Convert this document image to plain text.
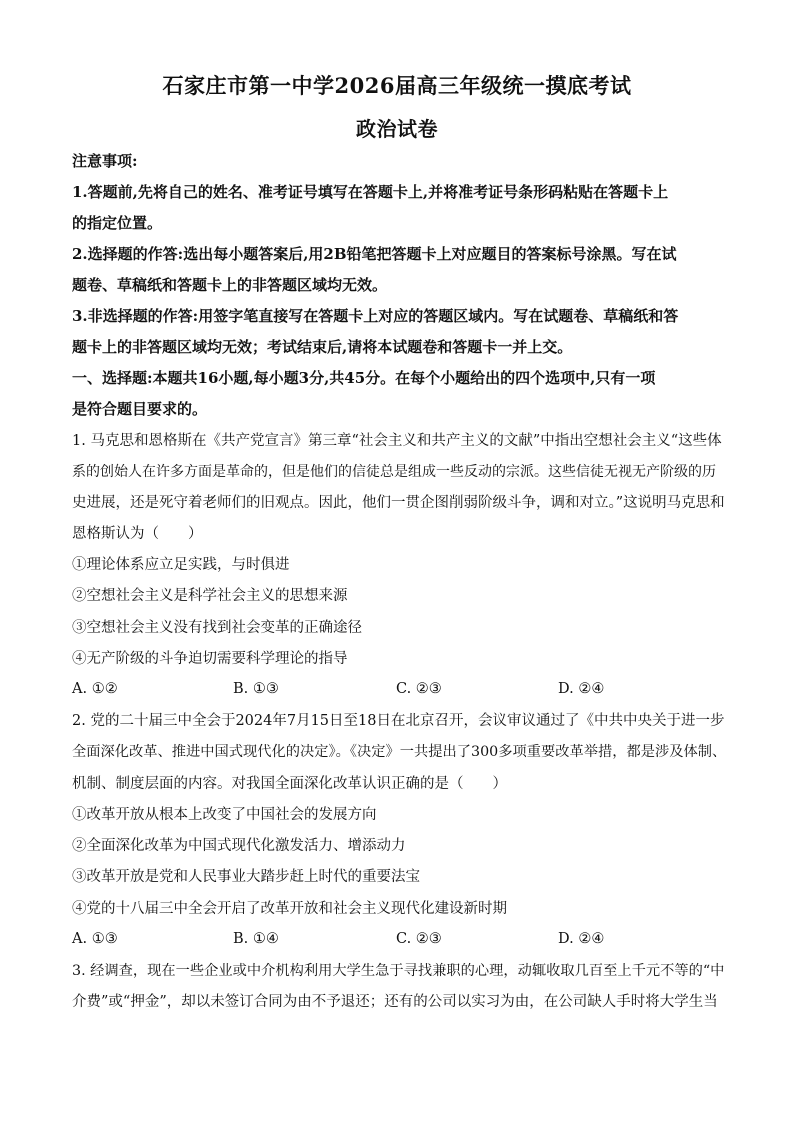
石家庄市第一中学2026届高三年级统一摸底考试
政治试卷
注意事项:
1.答题前,先将自己的姓名、准考证号填写在答题卡上,并将准考证号条形码粘贴在答题卡上
的指定位置。
2.选择题的作答:选出每小题答案后,用2B铅笔把答题卡上对应题目的答案标号涂黑。写在试
题卷、草稿纸和答题卡上的非答题区域均无效。
3.非选择题的作答:用签字笔直接写在答题卡上对应的答题区域内。写在试题卷、草稿纸和答
题卡上的非答题区域均无效；考试结束后,请将本试题卷和答题卡一并上交。
一、选择题:本题共16小题,每小题3分,共45分。在每个小题给出的四个选项中,只有一项
是符合题目要求的。
1. 马克思和恩格斯在《共产党宣言》第三章“社会主义和共产主义的文献”中指出空想社会主义“这些体
系的创始人在许多方面是革命的，但是他们的信徒总是组成一些反动的宗派。这些信徒无视无产阶级的历
史进展，还是死守着老师们的旧观点。因此，他们一贯企图削弱阶级斗争，调和对立。”这说明马克思和
恩格斯认为（　　）
①理论体系应立足实践，与时俱进
②空想社会主义是科学社会主义的思想来源
③空想社会主义没有找到社会变革的正确途径
④无产阶级的斗争迫切需要科学理论的指导
A. ①②	B. ①③	C. ②③	D. ②④
2. 党的二十届三中全会于2024年7月15日至18日在北京召开，会议审议通过了《中共中央关于进一步
全面深化改革、推进中国式现代化的决定》。《决定》一共提出了300多项重要改革举措，都是涉及体制、
机制、制度层面的内容。对我国全面深化改革认识正确的是（　　）
①改革开放从根本上改变了中国社会的发展方向
②全面深化改革为中国式现代化激发活力、增添动力
③改革开放是党和人民事业大踏步赶上时代的重要法宝
④党的十八届三中全会开启了改革开放和社会主义现代化建设新时期
A. ①③	B. ①④	C. ②③	D. ②④
3. 经调查，现在一些企业或中介机构利用大学生急于寻找兼职的心理，动辄收取几百至上千元不等的“中
介费”或“押金”，却以未签订合同为由不予退还；还有的公司以实习为由，在公司缺人手时将大学生当
